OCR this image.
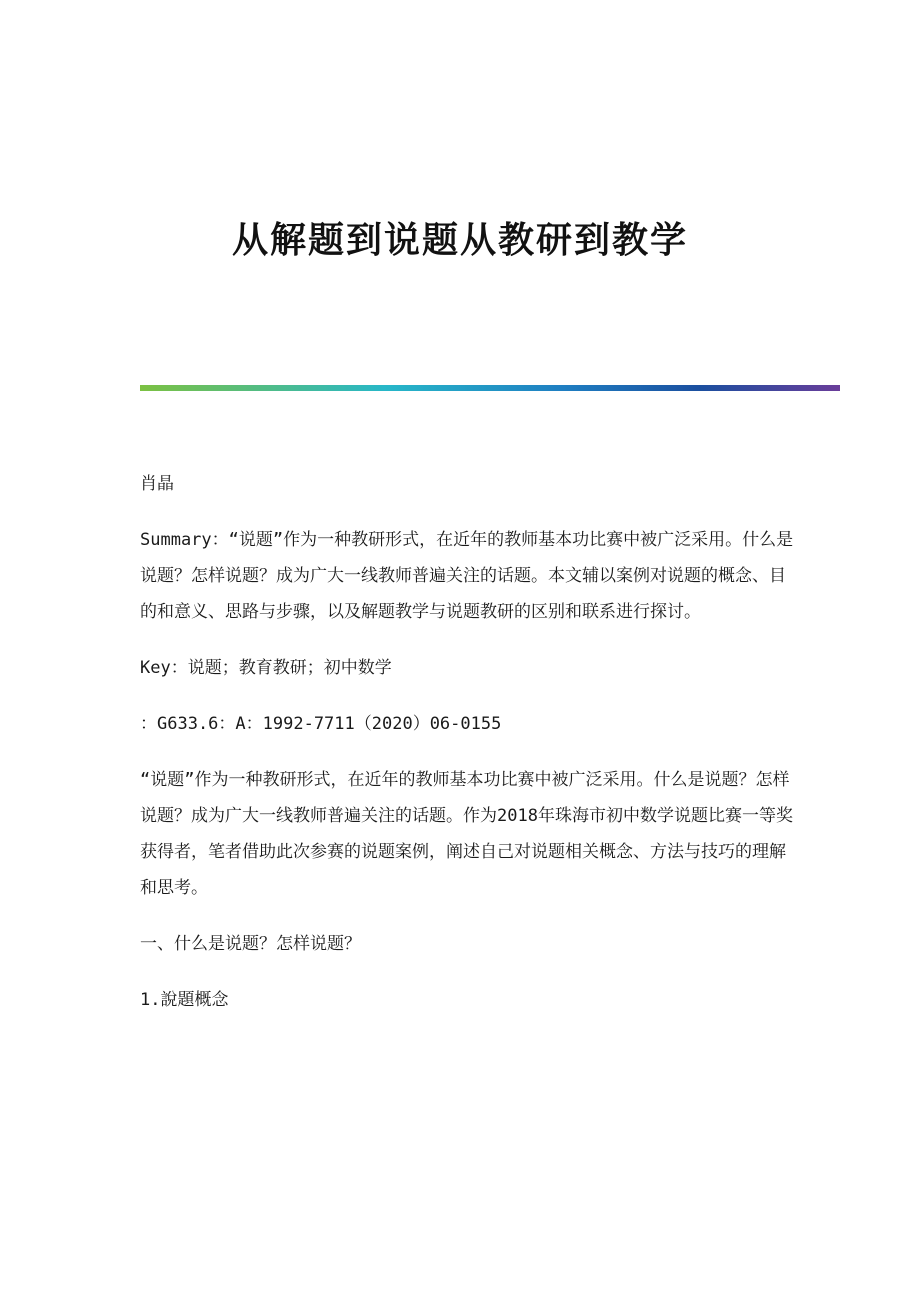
从解题到说题从教研到教学

肖晶

Summary：“说题”作为一种教研形式，在近年的教师基本功比赛中被广泛采用。什么是说题？怎样说题？成为广大一线教师普遍关注的话题。本文辅以案例对说题的概念、目的和意义、思路与步骤，以及解题教学与说题教研的区别和联系进行探讨。

Key：说题；教育教研；初中数学

：G633.6：A：1992-7711（2020）06-0155

“说题”作为一种教研形式，在近年的教师基本功比赛中被广泛采用。什么是说题？怎样说题？成为广大一线教师普遍关注的话题。作为2018年珠海市初中数学说题比赛一等奖获得者，笔者借助此次参赛的说题案例，阐述自己对说题相关概念、方法与技巧的理解和思考。

一、什么是说题？怎样说题？

1.說題概念
